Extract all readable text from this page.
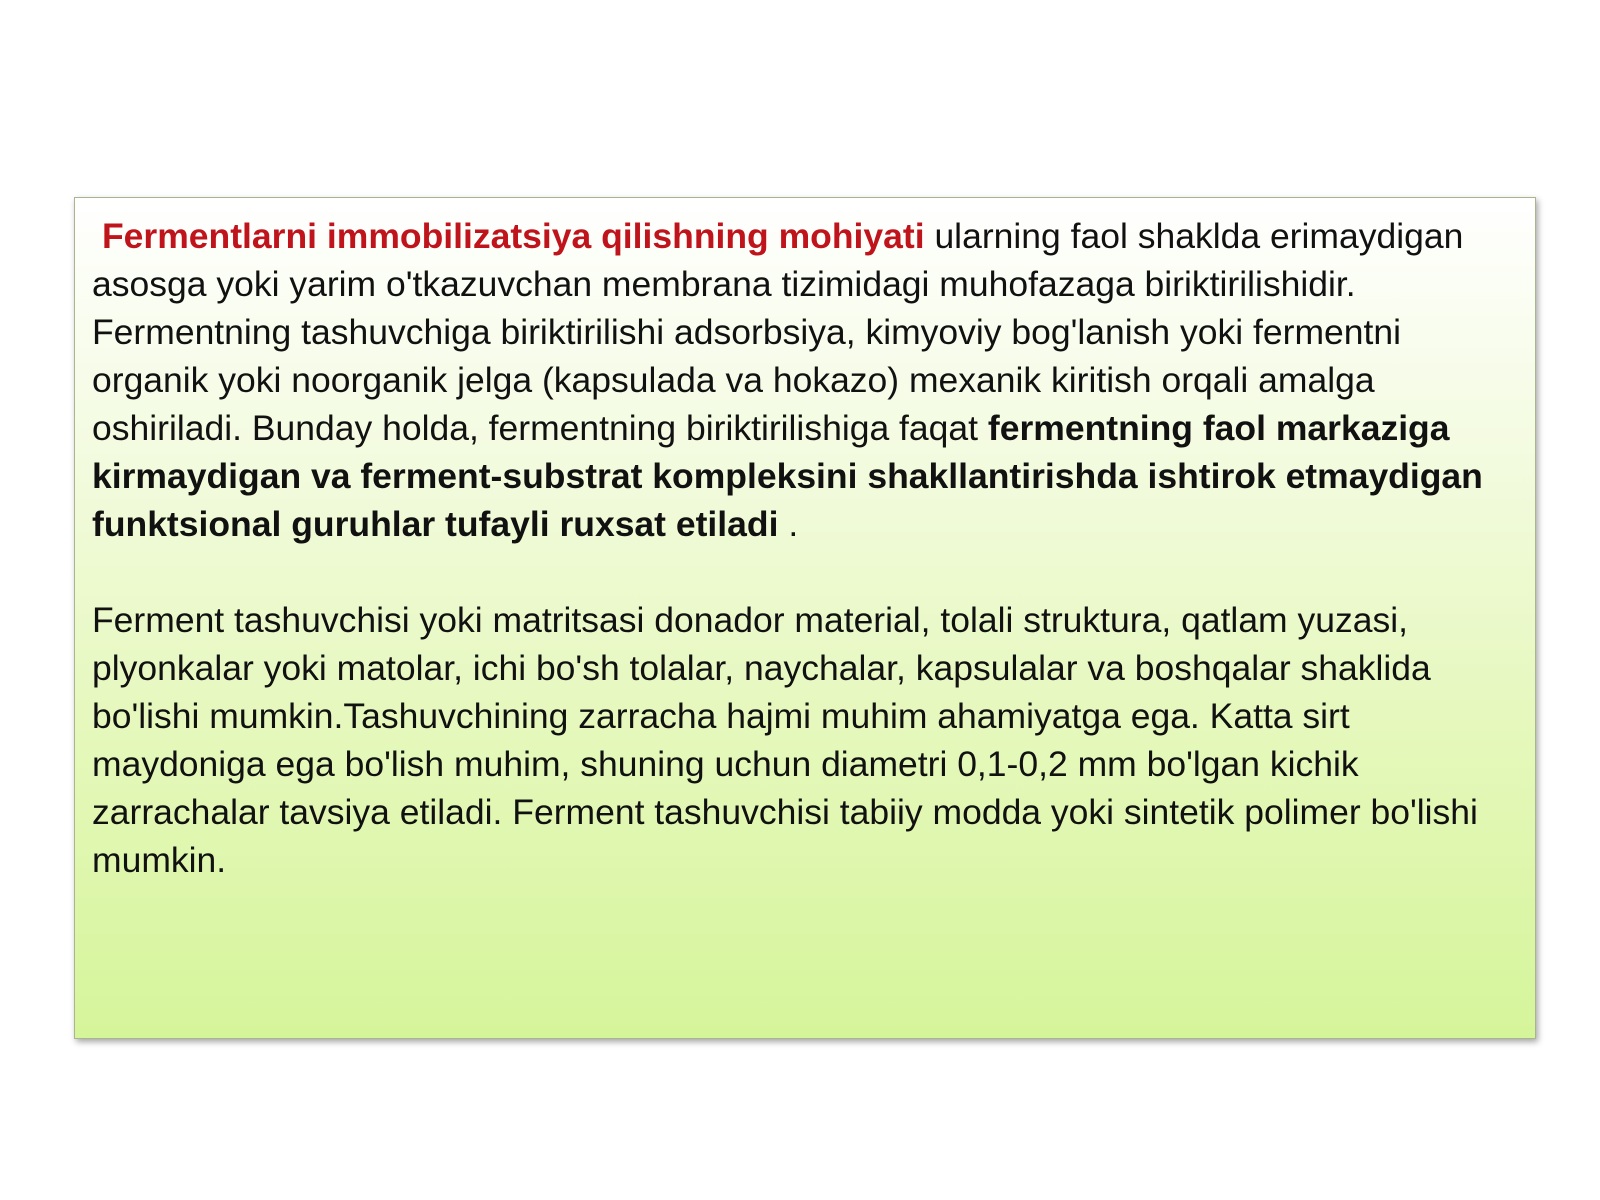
Fermentlarni immobilizatsiya qilishning mohiyati ularning faol shaklda erimaydigan asosga yoki yarim o'tkazuvchan membrana tizimidagi muhofazaga biriktirilishidir. Fermentning tashuvchiga biriktirilishi adsorbsiya, kimyoviy bog'lanish yoki fermentni organik yoki noorganik jelga (kapsulada va hokazo) mexanik kiritish orqali amalga oshiriladi. Bunday holda, fermentning biriktirilishiga faqat fermentning faol markaziga kirmaydigan va ferment-substrat kompleksini shakllantirishda ishtirok etmaydigan funktsional guruhlar tufayli ruxsat etiladi .

Ferment tashuvchisi yoki matritsasi donador material, tolali struktura, qatlam yuzasi, plyonkalar yoki matolar, ichi bo'sh tolalar, naychalar, kapsulalar va boshqalar shaklida bo'lishi mumkin.Tashuvchining zarracha hajmi muhim ahamiyatga ega. Katta sirt maydoniga ega bo'lish muhim, shuning uchun diametri 0,1-0,2 mm bo'lgan kichik zarrachalar tavsiya etiladi. Ferment tashuvchisi tabiiy modda yoki sintetik polimer bo'lishi mumkin.
